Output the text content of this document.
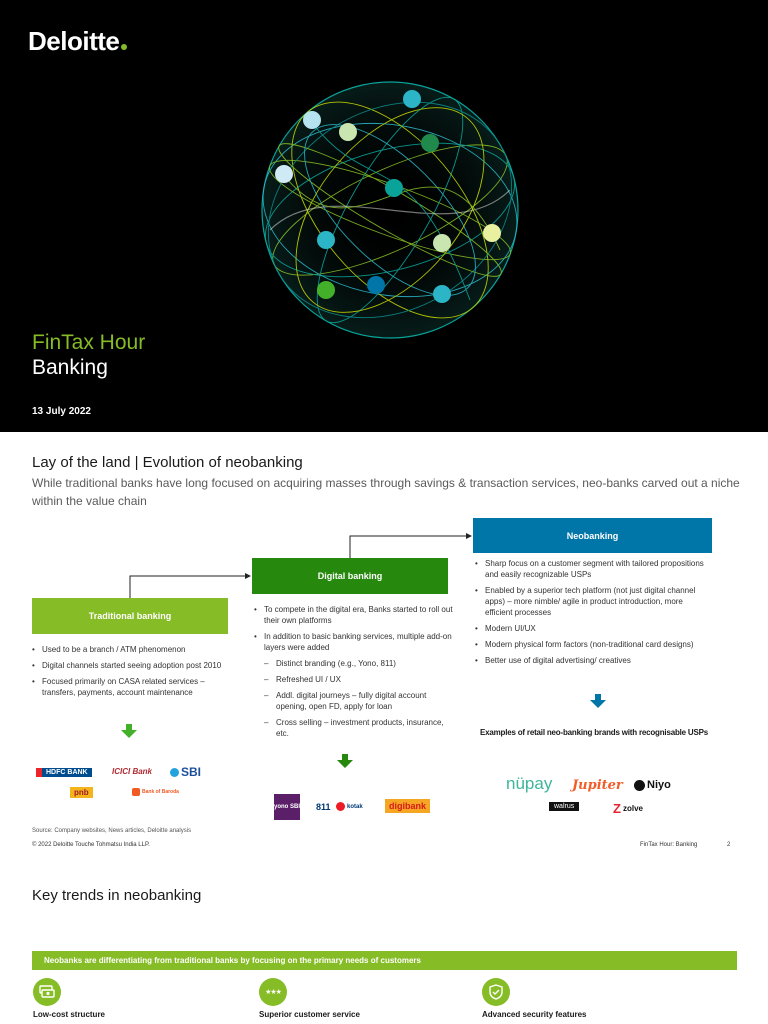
Deloitte
FinTax Hour
Banking
13 July 2022
Lay of the land | Evolution of neobanking
While traditional banks have long focused on acquiring masses through savings & transaction services, neo-banks carved out a niche within the value chain
Traditional banking
Digital banking
Neobanking
• Used to be a branch / ATM phenomenon
• Digital channels started seeing adoption post 2010
• Focused primarily on CASA related services – transfers, payments, account maintenance
• To compete in the digital era, Banks started to roll out their own platforms
• In addition to basic banking services, multiple add-on layers were added
– Distinct branding (e.g., Yono, 811)
– Refreshed UI / UX
– Addl. digital journeys – fully digital account opening, open FD, apply for loan
– Cross selling – investment products, insurance, etc.
• Sharp focus on a customer segment with tailored propositions and easily recognizable USPs
• Enabled by a superior tech platform (not just digital channel apps) – more nimble/ agile in product introduction, more efficient processes
• Modern UI/UX
• Modern physical form factors (non-traditional card designs)
• Better use of digital advertising/ creatives
Examples of retail neo-banking brands with recognisable USPs
HDFC BANK	ICICI Bank SBI
pnb	Bank of Baroda
yono SBI 811	kotak	digibank
nüpay Jupiter Niyo
walrus	Z zolve
Source: Company websites, News articles, Deloitte analysis
© 2022 Deloitte Touche Tohmatsu India LLP.	FinTax Hour: Banking	2
Key trends in neobanking
Neobanks are differentiating from traditional banks by focusing on the primary needs of customers
Low-cost structure
★★★
Superior customer service	Advanced security features
